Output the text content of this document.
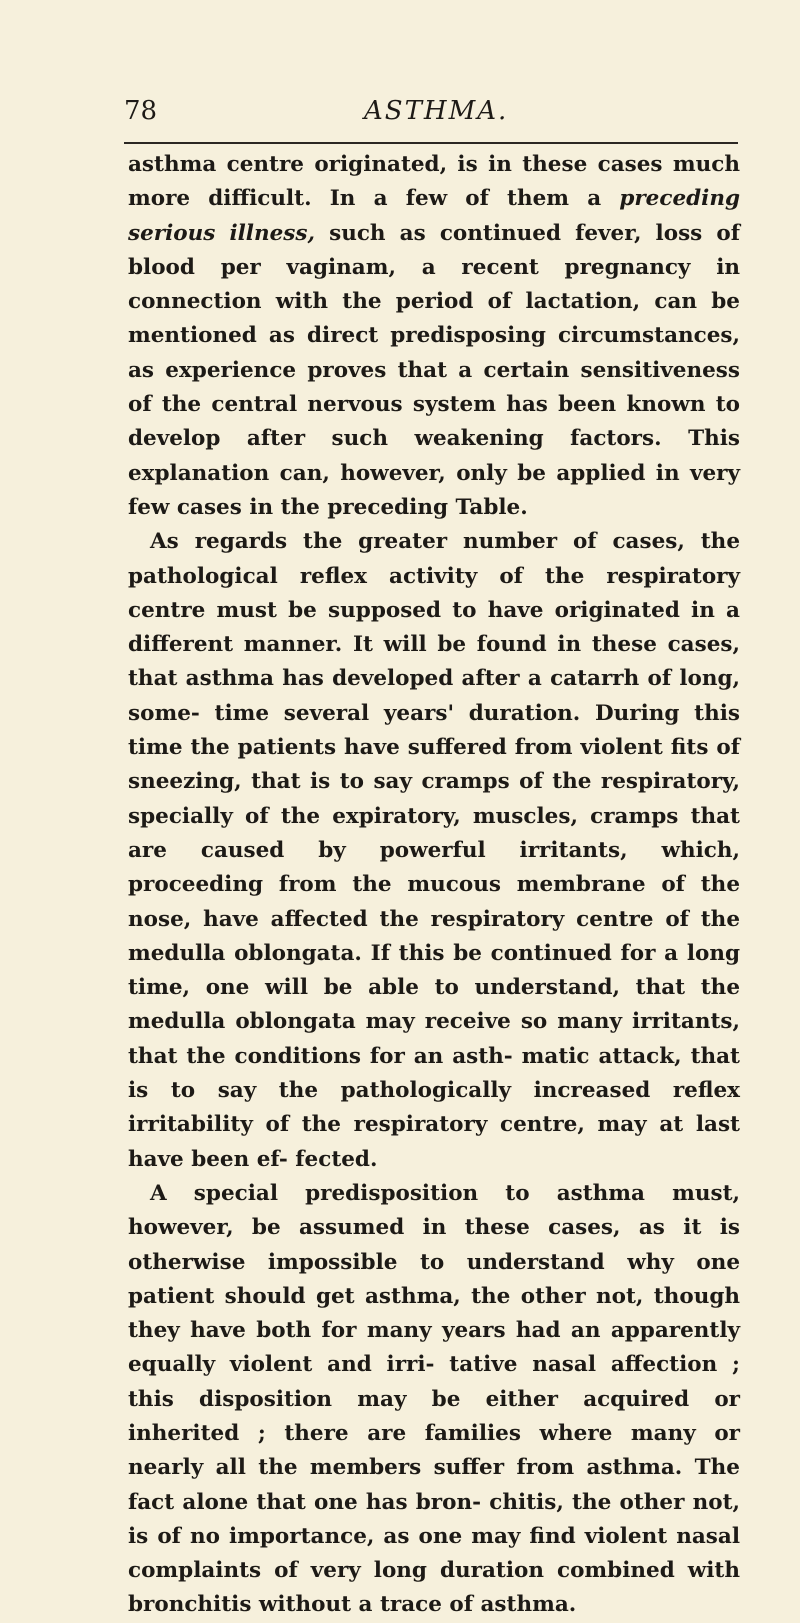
78	ASTHMA.

asthma centre originated, is in these cases much more difficult. In a few of them a preceding serious illness, such as continued fever, loss of blood per vaginam, a recent pregnancy in connection with the period of lactation, can be mentioned as direct predisposing circumstances, as experience proves that a certain sensitiveness of the central nervous system has been known to develop after such weakening factors. This explanation can, however, only be applied in very few cases in the preceding Table.

As regards the greater number of cases, the pathological reflex activity of the respiratory centre must be supposed to have originated in a different manner. It will be found in these cases, that asthma has developed after a catarrh of long, some- time several years' duration. During this time the patients have suffered from violent fits of sneezing, that is to say cramps of the respiratory, specially of the expiratory, muscles, cramps that are caused by powerful irritants, which, proceeding from the mucous membrane of the nose, have affected the respiratory centre of the medulla oblongata. If this be continued for a long time, one will be able to understand, that the medulla oblongata may receive so many irritants, that the conditions for an asth- matic attack, that is to say the pathologically increased reflex irritability of the respiratory centre, may at last have been ef- fected.

A special predisposition to asthma must, however, be assumed in these cases, as it is otherwise impossible to understand why one patient should get asthma, the other not, though they have both for many years had an apparently equally violent and irri- tative nasal affection ; this disposition may be either acquired or inherited ; there are families where many or nearly all the members suffer from asthma. The fact alone that one has bron- chitis, the other not, is of no importance, as one may find violent nasal complaints of very long duration combined with bronchitis without a trace of asthma.
